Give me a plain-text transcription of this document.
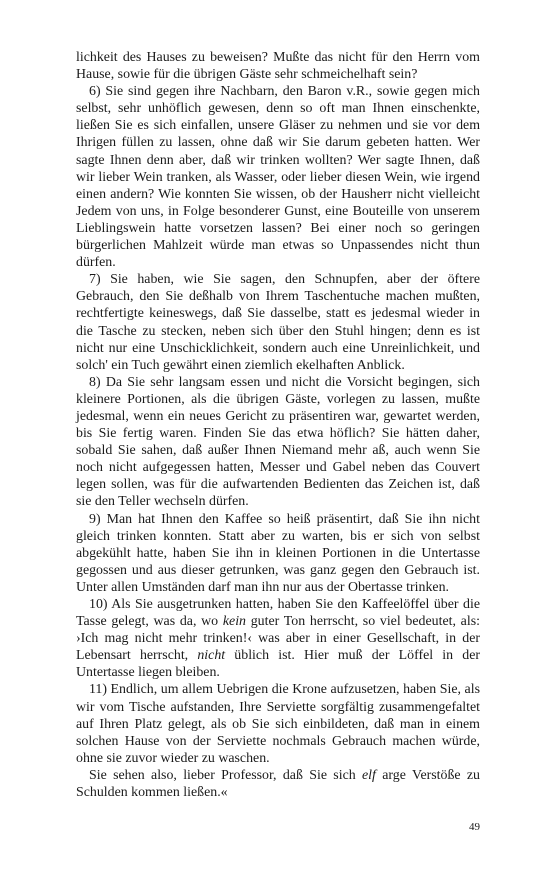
lichkeit des Hauses zu beweisen? Mußte das nicht für den Herrn vom Hause, sowie für die übrigen Gäste sehr schmeichelhaft sein?

6) Sie sind gegen ihre Nachbarn, den Baron v.R., sowie gegen mich selbst, sehr unhöflich gewesen, denn so oft man Ihnen einschenkte, ließen Sie es sich einfallen, unsere Gläser zu nehmen und sie vor dem Ihrigen füllen zu lassen, ohne daß wir Sie darum gebeten hatten. Wer sagte Ihnen denn aber, daß wir trinken wollten? Wer sagte Ihnen, daß wir lieber Wein tranken, als Wasser, oder lieber diesen Wein, wie irgend einen andern? Wie konnten Sie wissen, ob der Hausherr nicht vielleicht Jedem von uns, in Folge besonderer Gunst, eine Bouteille von unserem Lieblingswein hatte vorsetzen lassen? Bei einer noch so geringen bürgerlichen Mahlzeit würde man etwas so Unpassendes nicht thun dürfen.

7) Sie haben, wie Sie sagen, den Schnupfen, aber der öftere Gebrauch, den Sie deßhalb von Ihrem Taschentuche machen mußten, rechtfertigte keineswegs, daß Sie dasselbe, statt es jedesmal wieder in die Tasche zu stecken, neben sich über den Stuhl hingen; denn es ist nicht nur eine Unschicklichkeit, sondern auch eine Unreinlichkeit, und solch' ein Tuch gewährt einen ziemlich ekelhaften Anblick.

8) Da Sie sehr langsam essen und nicht die Vorsicht begingen, sich kleinere Portionen, als die übrigen Gäste, vorlegen zu lassen, mußte jedesmal, wenn ein neues Gericht zu präsentiren war, gewartet werden, bis Sie fertig waren. Finden Sie das etwa höflich? Sie hätten daher, sobald Sie sahen, daß außer Ihnen Niemand mehr aß, auch wenn Sie noch nicht aufgegessen hatten, Messer und Gabel neben das Couvert legen sollen, was für die aufwartenden Bedienten das Zeichen ist, daß sie den Teller wechseln dürfen.

9) Man hat Ihnen den Kaffee so heiß präsentirt, daß Sie ihn nicht gleich trinken konnten. Statt aber zu warten, bis er sich von selbst abgekühlt hatte, haben Sie ihn in kleinen Portionen in die Untertasse gegossen und aus dieser getrunken, was ganz gegen den Gebrauch ist. Unter allen Umständen darf man ihn nur aus der Obertasse trinken.

10) Als Sie ausgetrunken hatten, haben Sie den Kaffeelöffel über die Tasse gelegt, was da, wo kein guter Ton herrscht, so viel bedeutet, als: ›Ich mag nicht mehr trinken!‹ was aber in einer Gesellschaft, in der Lebensart herrscht, nicht üblich ist. Hier muß der Löffel in der Untertasse liegen bleiben.

11) Endlich, um allem Uebrigen die Krone aufzusetzen, haben Sie, als wir vom Tische aufstanden, Ihre Serviette sorgfältig zusammengefaltet auf Ihren Platz gelegt, als ob Sie sich einbildeten, daß man in einem solchen Hause von der Serviette nochmals Gebrauch machen würde, ohne sie zuvor wieder zu waschen.

Sie sehen also, lieber Professor, daß Sie sich elf arge Verstöße zu Schulden kommen ließen.«

49
